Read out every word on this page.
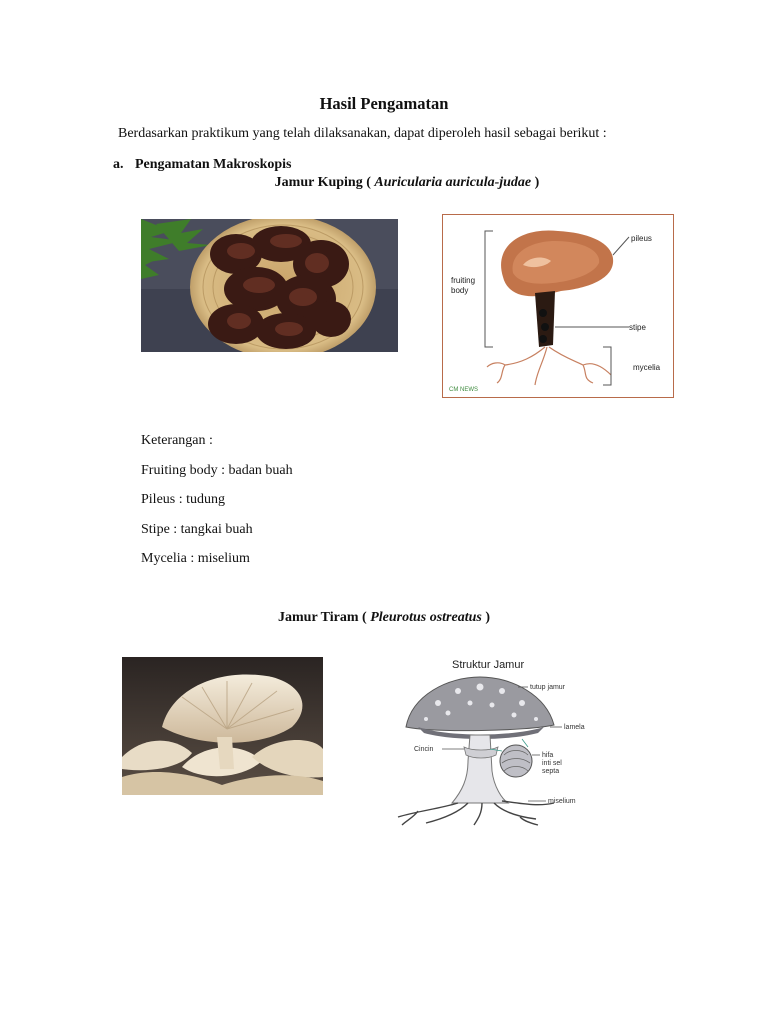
Hasil Pengamatan
Berdasarkan praktikum yang telah dilaksanakan, dapat diperoleh hasil sebagai berikut :
a. Pengamatan Makroskopis
Jamur Kuping ( Auricularia auricula-judae )
fruiting
body
pileus
stipe
mycelia
CM NEWS
Keterangan :
Fruiting body : badan buah
Pileus : tudung
Stipe : tangkai buah
Mycelia : miselium
Jamur Tiram ( Pleurotus ostreatus )
Struktur Jamur
tutup jamur
lamela
Cincin
hifa
inti sel
septa
miselium
